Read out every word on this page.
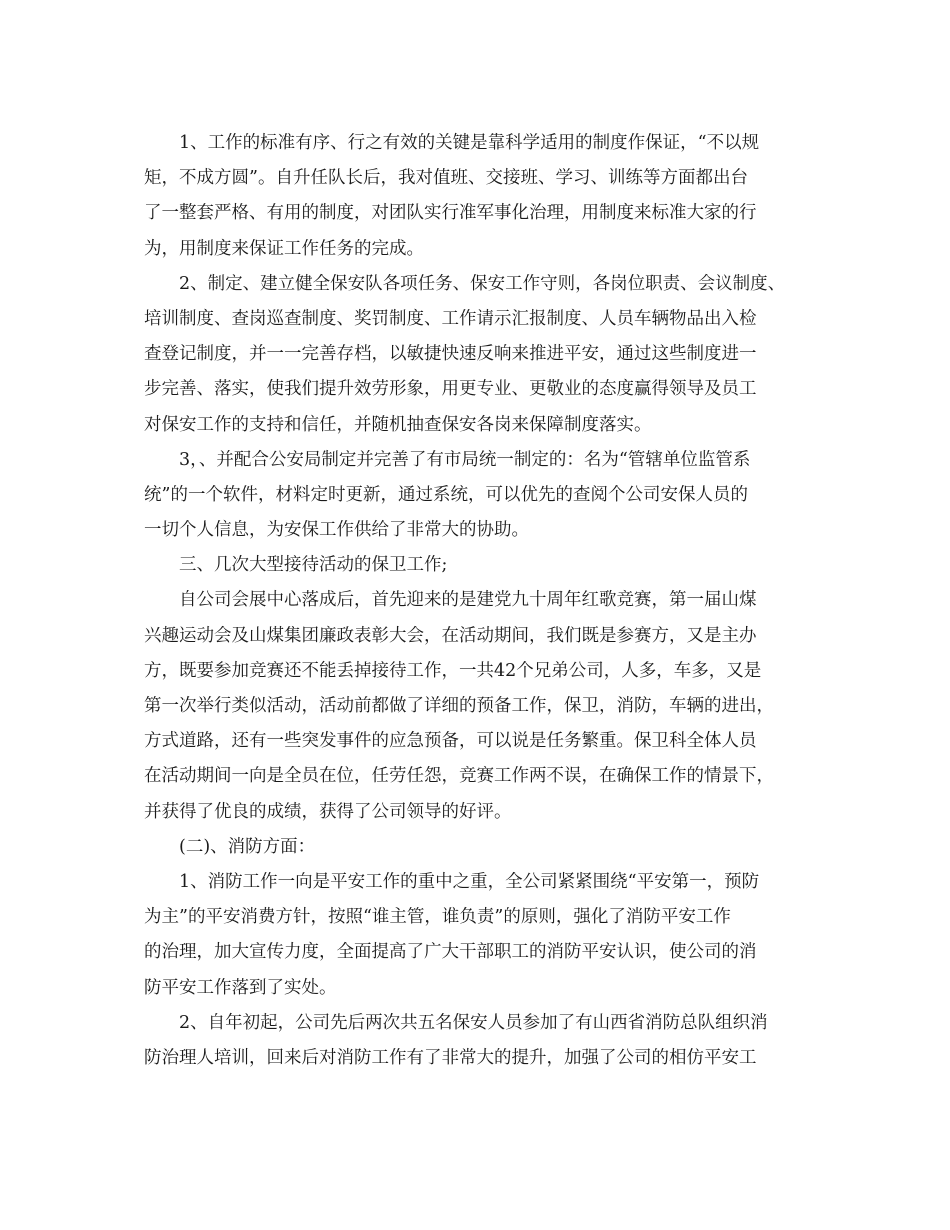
1、工作的标准有序、行之有效的关键是靠科学适用的制度作保证，“不以规
矩，不成方圆”。自升任队长后，我对值班、交接班、学习、训练等方面都出台
了一整套严格、有用的制度，对团队实行准军事化治理，用制度来标准大家的行
为，用制度来保证工作任务的完成。
2、制定、建立健全保安队各项任务、保安工作守则，各岗位职责、会议制度、
培训制度、查岗巡查制度、奖罚制度、工作请示汇报制度、人员车辆物品出入检
查登记制度，并一一完善存档，以敏捷快速反响来推进平安，通过这些制度进一
步完善、落实，使我们提升效劳形象，用更专业、更敬业的态度赢得领导及员工
对保安工作的支持和信任，并随机抽查保安各岗来保障制度落实。
3，、并配合公安局制定并完善了有市局统一制定的：名为“管辖单位监管系
统”的一个软件，材料定时更新，通过系统，可以优先的查阅个公司安保人员的
一切个人信息，为安保工作供给了非常大的协助。
三、几次大型接待活动的保卫工作;
自公司会展中心落成后，首先迎来的是建党九十周年红歌竞赛，第一届山煤
兴趣运动会及山煤集团廉政表彰大会，在活动期间，我们既是参赛方，又是主办
方，既要参加竞赛还不能丢掉接待工作，一共42个兄弟公司，人多，车多，又是
第一次举行类似活动，活动前都做了详细的预备工作，保卫，消防，车辆的进出，
方式道路，还有一些突发事件的应急预备，可以说是任务繁重。保卫科全体人员
在活动期间一向是全员在位，任劳任怨，竞赛工作两不误，在确保工作的情景下，
并获得了优良的成绩，获得了公司领导的好评。
(二)、消防方面：
1、消防工作一向是平安工作的重中之重，全公司紧紧围绕“平安第一，预防
为主”的平安消费方针，按照“谁主管，谁负责”的原则，强化了消防平安工作
的治理，加大宣传力度，全面提高了广大干部职工的消防平安认识，使公司的消
防平安工作落到了实处。
2、自年初起，公司先后两次共五名保安人员参加了有山西省消防总队组织消
防治理人培训，回来后对消防工作有了非常大的提升，加强了公司的相仿平安工
